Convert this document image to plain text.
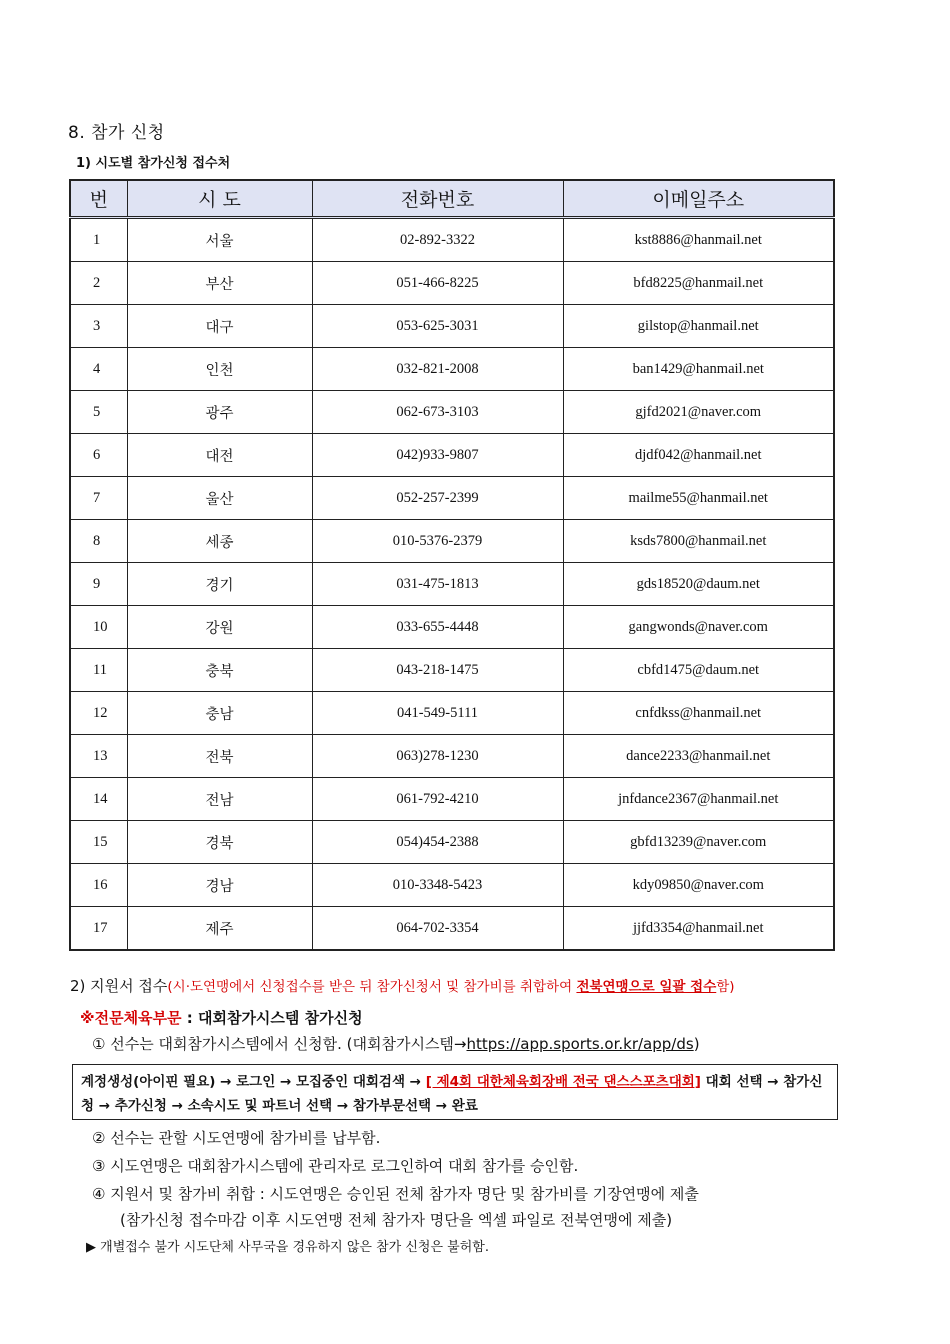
8. 참가 신청
1) 시도별 참가신청 접수처
번	시 도	전화번호	이메일주소
1	서울	02-892-3322	kst8886@hanmail.net
2	부산	051-466-8225	bfd8225@hanmail.net
3	대구	053-625-3031	gilstop@hanmail.net
4	인천	032-821-2008	ban1429@hanmail.net
5	광주	062-673-3103	gjfd2021@naver.com
6	대전	042)933-9807	djdf042@hanmail.net
7	울산	052-257-2399	mailme55@hanmail.net
8	세종	010-5376-2379	ksds7800@hanmail.net
9	경기	031-475-1813	gds18520@daum.net
10	강원	033-655-4448	gangwonds@naver.com
11	충북	043-218-1475	cbfd1475@daum.net
12	충남	041-549-5111	cnfdkss@hanmail.net
13	전북	063)278-1230	dance2233@hanmail.net
14	전남	061-792-4210	jnfdance2367@hanmail.net
15	경북	054)454-2388	gbfd13239@naver.com
16	경남	010-3348-5423	kdy09850@naver.com
17	제주	064-702-3354	jjfd3354@hanmail.net
2) 지원서 접수(시·도연맹에서 신청접수를 받은 뒤 참가신청서 및 참가비를 취합하여 전북연맹으로 일괄 접수함)
※전문체육부문 : 대회참가시스템 참가신청
① 선수는 대회참가시스템에서 신청함. (대회참가시스템→https://app.sports.or.kr/app/ds)
계정생성(아이핀 필요) → 로그인 → 모집중인 대회검색 → [ 제4회 대한체육회장배 전국 댄스스포츠대회] 대회 선택 → 참가신청 → 추가신청 → 소속시도 및 파트너 선택 → 참가부문선택 → 완료
② 선수는 관할 시도연맹에 참가비를 납부함.
③ 시도연맹은 대회참가시스템에 관리자로 로그인하여 대회 참가를 승인함.
④ 지원서 및 참가비 취합 : 시도연맹은 승인된 전체 참가자 명단 및 참가비를 기장연맹에 제출
(참가신청 접수마감 이후 시도연맹 전체 참가자 명단을 엑셀 파일로 전북연맹에 제출)
▶ 개별접수 불가 시도단체 사무국을 경유하지 않은 참가 신청은 불허함.
